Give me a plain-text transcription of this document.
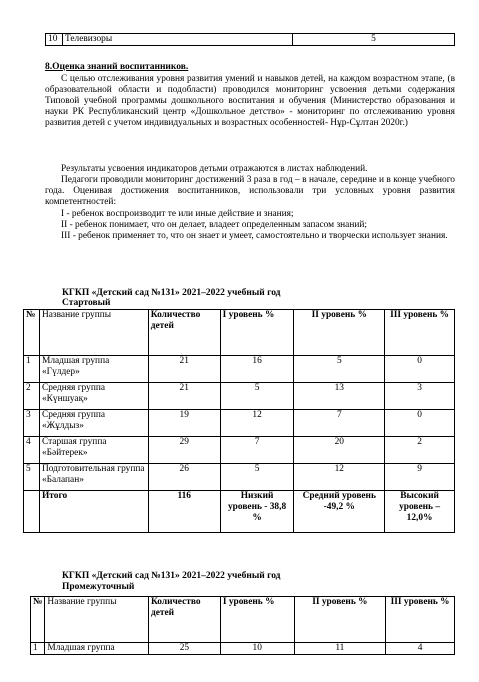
10	Телевизоры	5
8.Оценка знаний воспитанников.
С целью отслеживания уровня развития умений и навыков детей, на каждом возрастном этапе, (в образовательной области и подобласти) проводился мониторинг усвоения детьми содержания Типовой учебной программы дошкольного воспитания и обучения (Министерство образования и науки РК Республиканский центр «Дошкольное детство» - мониторинг по отслеживанию уровня развития детей с учетом индивидуальных и возрастных особенностей- Нұр-Сұлтан 2020г.)
Результаты усвоения индикаторов детьми отражаются в листах наблюдений.
Педагоги проводили мониторинг достижений 3 раза в год – в начале, середине и в конце учебного года. Оценивая достижения воспитанников, использовали три условных уровня развития компетентностей:
I - ребенок воспроизводит те или иные действие и знания;
II - ребенок понимает, что он делает, владеет определенным запасом знаний;
III - ребенок применяет то, что он знает и умеет, самостоятельно и творчески использует знания.
КГКП «Детский сад №131» 2021–2022 учебный год
Стартовый
№	Название группы	Количество детей	I уровень %	II уровень %	III уровень %
1	Младшая группа «Гүлдер»	21	16	5	0
2	Средняя группа «Күншуақ»	21	5	13	3
3	Средняя группа «Жұлдыз»	19	12	7	0
4	Старшая группа «Бәйтерек»	29	7	20	2
5	Подготовительная группа «Балапан»	26	5	12	9
	Итого	116	Низкий уровень - 38,8 %	Средний уровень -49,2 %	Высокий уровень –12,0%
КГКП «Детский сад №131» 2021–2022 учебный год
Промежуточный
№	Название группы	Количество детей	I уровень %	II уровень %	III уровень %
1	Младшая группа	25	10	11	4
